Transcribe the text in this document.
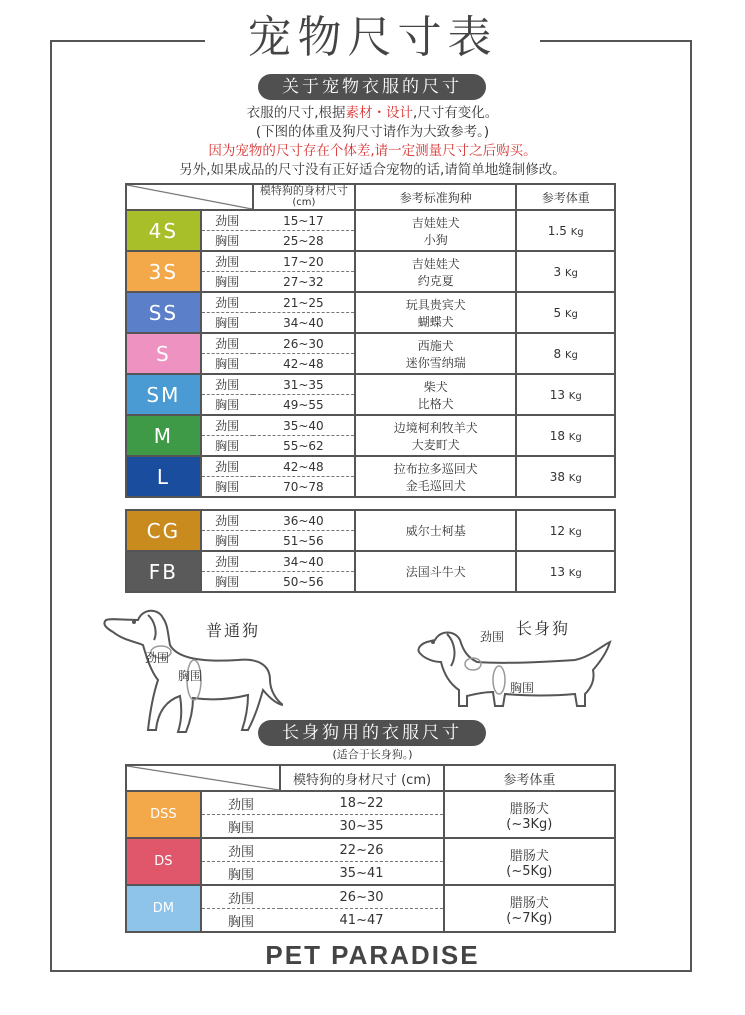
宠物尺寸表
关于宠物衣服的尺寸
衣服的尺寸,根据素材・设计,尺寸有变化。
(下图的体重及狗尺寸请作为大致参考。)
因为宠物的尺寸存在个体差,请一定测量尺寸之后购买。
另外,如果成品的尺寸没有正好适合宠物的话,请简单地缝制修改。

		模特狗的身材尺寸
(cm)	参考标准狗种	参考体重
4S	劲围	15~17	吉娃娃犬
小狗	1.5 Kg
	胸围	25~28		
3S	劲围	17~20	吉娃娃犬
约克夏	3 Kg
	胸围	27~32		
SS	劲围	21~25	玩具贵宾犬
蝴蝶犬	5 Kg
	胸围	34~40		
S	劲围	26~30	西施犬
迷你雪纳瑞	8 Kg
	胸围	42~48		
SM	劲围	31~35	柴犬
比格犬	13 Kg
	胸围	49~55		
M	劲围	35~40	边境柯利牧羊犬
大麦町犬	18 Kg
	胸围	55~62		
L	劲围	42~48	拉布拉多巡回犬
金毛巡回犬	38 Kg
	胸围	70~78		
CG	劲围	36~40	威尔士柯基	12 Kg
	胸围	51~56		
FB	劲围	34~40	法国斗牛犬	13 Kg
	胸围	50~56		
普通狗
劲围
胸围
长身狗
劲围
胸围
长身狗用的衣服尺寸
(适合于长身狗。)
		模特狗的身材尺寸 (cm)	参考体重
DSS	劲围	18~22	腊肠犬
(~3Kg)

	胸围	30~35	
DS	劲围	22~26	腊肠犬
(~5Kg)

	胸围	35~41	
DM	劲围	26~30	腊肠犬
(~7Kg)

	胸围	41~47	
PET PARADISE
